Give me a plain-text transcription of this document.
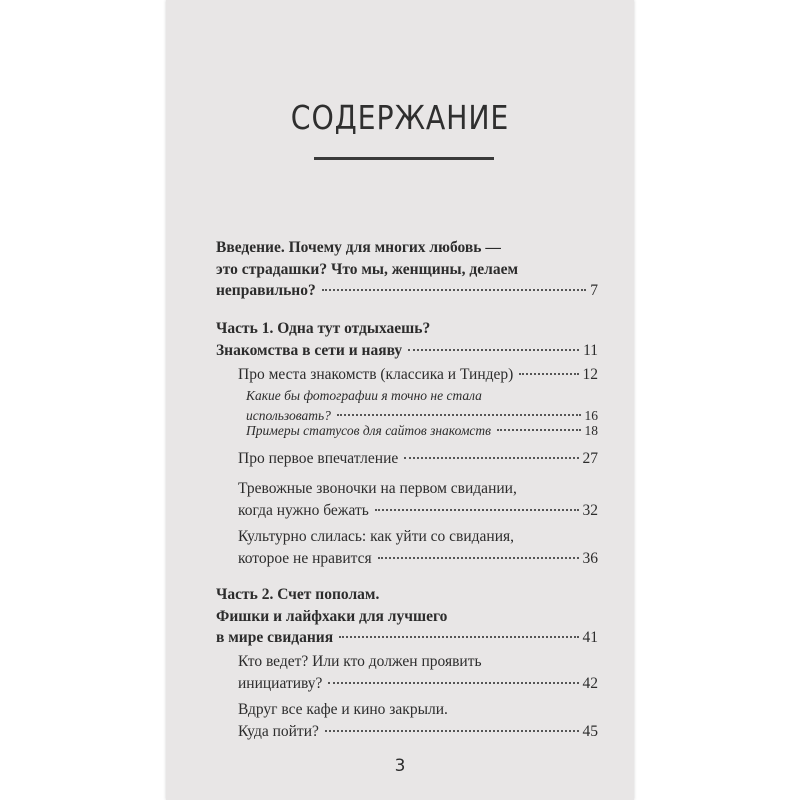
СОДЕРЖАНИЕ
Введение. Почему для многих любовь —
это страдашки? Что мы, женщины, делаем
неправильно?	7
Часть 1. Одна тут отдыхаешь?
Знакомства в сети и наяву	11
Про места знакомств (классика и Тиндер)	12
Какие бы фотографии я точно не стала
использовать?	16
Примеры статусов для сайтов знакомств	18
Про первое впечатление	27
Тревожные звоночки на первом свидании,
когда нужно бежать	32
Культурно слилась: как уйти со свидания,
которое не нравится	36
Часть 2. Счет пополам.
Фишки и лайфхаки для лучшего
в мире свидания	41
Кто ведет? Или кто должен проявить
инициативу?	42
Вдруг все кафе и кино закрыли.
Куда пойти?	45
3
